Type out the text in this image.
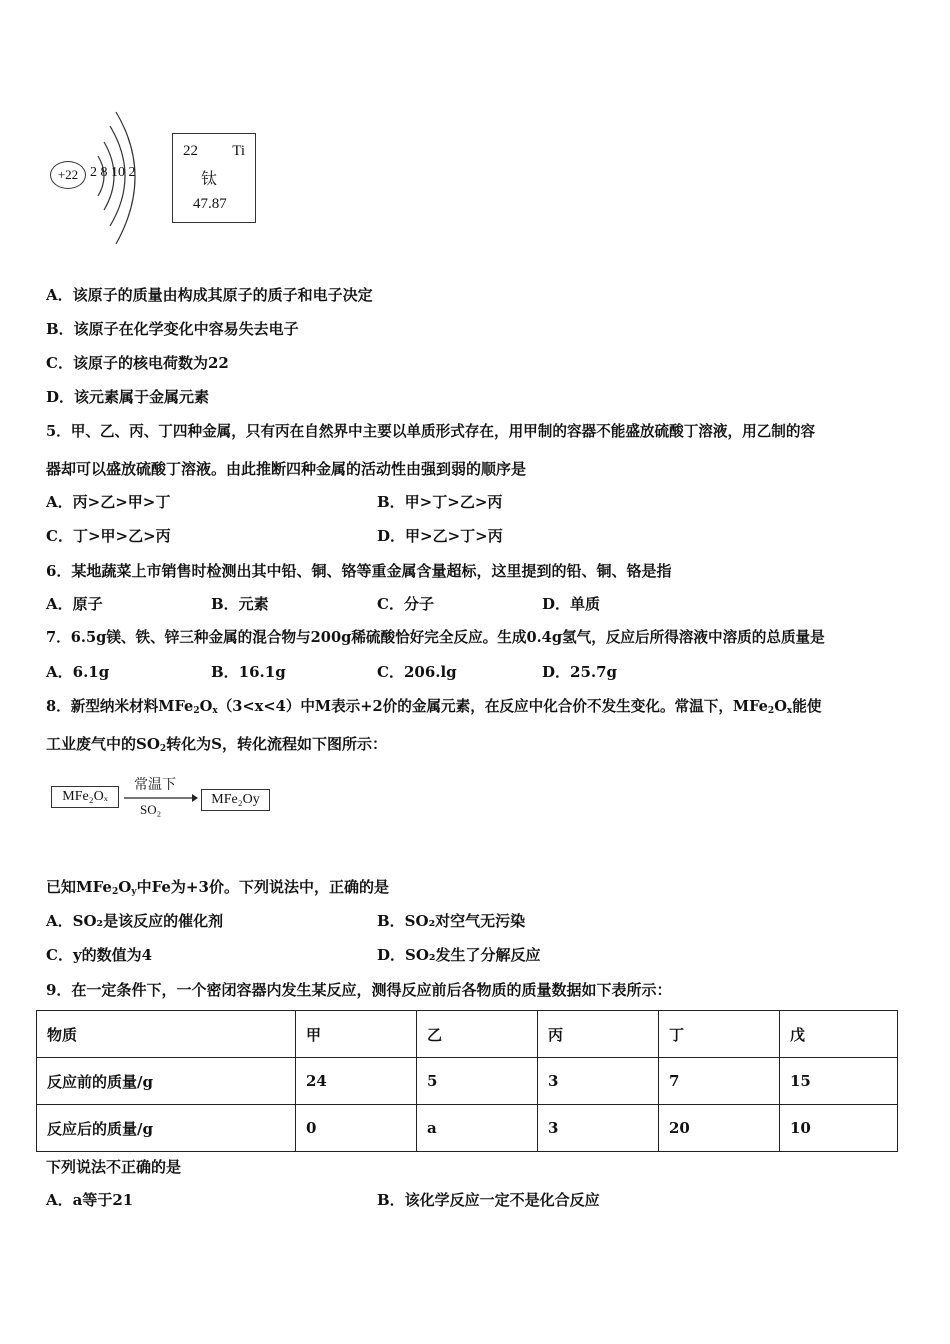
+22 2 8 10 2
22 Ti
钛
47.87
A．该原子的质量由构成其原子的质子和电子决定
B．该原子在化学变化中容易失去电子
C．该原子的核电荷数为22
D．该元素属于金属元素
5．甲、乙、丙、丁四种金属，只有丙在自然界中主要以单质形式存在，用甲制的容器不能盛放硫酸丁溶液，用乙制的容
器却可以盛放硫酸丁溶液。由此推断四种金属的活动性由强到弱的顺序是
A．丙>乙>甲>丁	B．甲>丁>乙>丙
C．丁>甲>乙>丙	D．甲>乙>丁>丙
6．某地蔬菜上市销售时检测出其中铅、铜、铬等重金属含量超标，这里提到的铅、铜、铬是指
A．原子	B．元素	C．分子	D．单质
7．6.5g镁、铁、锌三种金属的混合物与200g稀硫酸恰好完全反应。生成0.4g氢气，反应后所得溶液中溶质的总质量是
A．6.1g	B．16.1g	C．206.lg	D．25.7g
8．新型纳米材料$MFe_2O_x(3<x<4)$中M表示+2价的金属元素，在反应中化合价不发生变化。常温下，$MFe_2O_x$能使
工业废气中的$SO_2$转化为S，转化流程如下图所示：
MFe₂Oₓ
常温下
SO₂
MFe₂Oy
已知$MFe_2O_y$中Fe为+3价。下列说法中，正确的是
A．SO₂是该反应的催化剂	B．SO₂对空气无污染
C．y的数值为4	D．SO₂发生了分解反应
9．在一定条件下，一个密闭容器内发生某反应，测得反应前后各物质的质量数据如下表所示：
物质	甲	乙	丙	丁	戊
反应前的质量/g	24	5	3	7	15
反应后的质量/g	0	a	3	20	10
下列说法不正确的是
A．a等于21	B．该化学反应一定不是化合反应
